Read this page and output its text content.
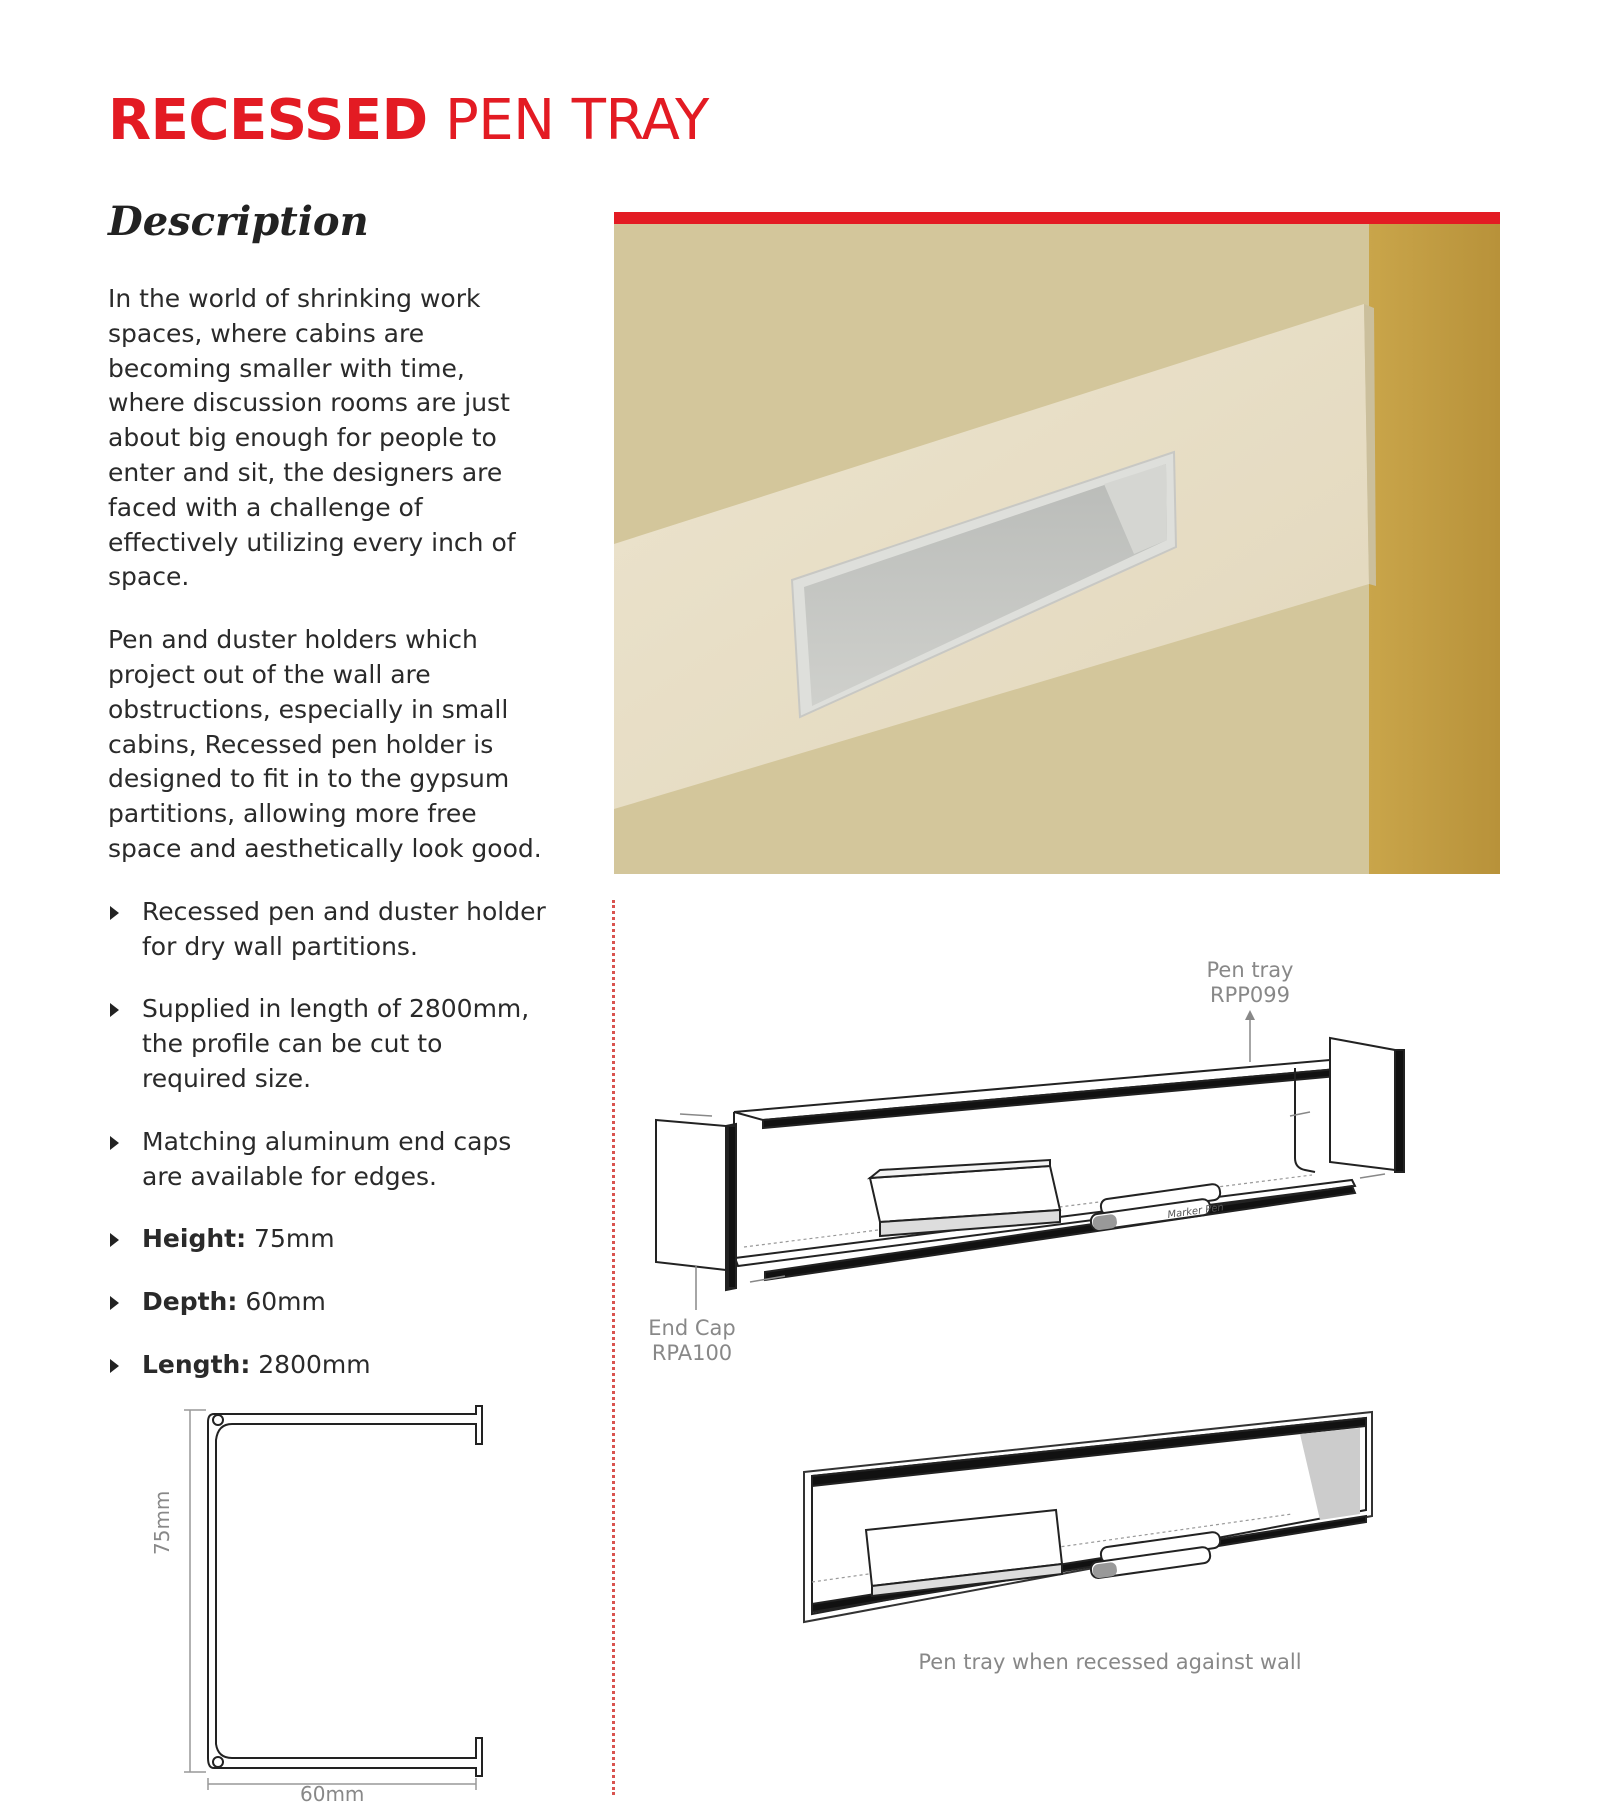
RECESSED PEN TRAY
Description

In the world of shrinking work spaces, where cabins are becoming smaller with time, where discussion rooms are just about big enough for people to enter and sit, the designers are faced with a challenge of effectively utilizing every inch of space.

Pen and duster holders which project out of the wall are obstructions, especially in small cabins, Recessed pen holder is designed to fit in to the gypsum partitions, allowing more free space and aesthetically look good.

Recessed pen and duster holder for dry wall partitions.
Supplied in length of 2800mm, the profile can be cut to required size.
Matching aluminum end caps are available for edges.
Height: 75mm
Depth: 60mm
Length: 2800mm
Pen tray
RPP099
End Cap
RPA100
Marker Pen
Pen tray when recessed against wall
75mm
60mm
